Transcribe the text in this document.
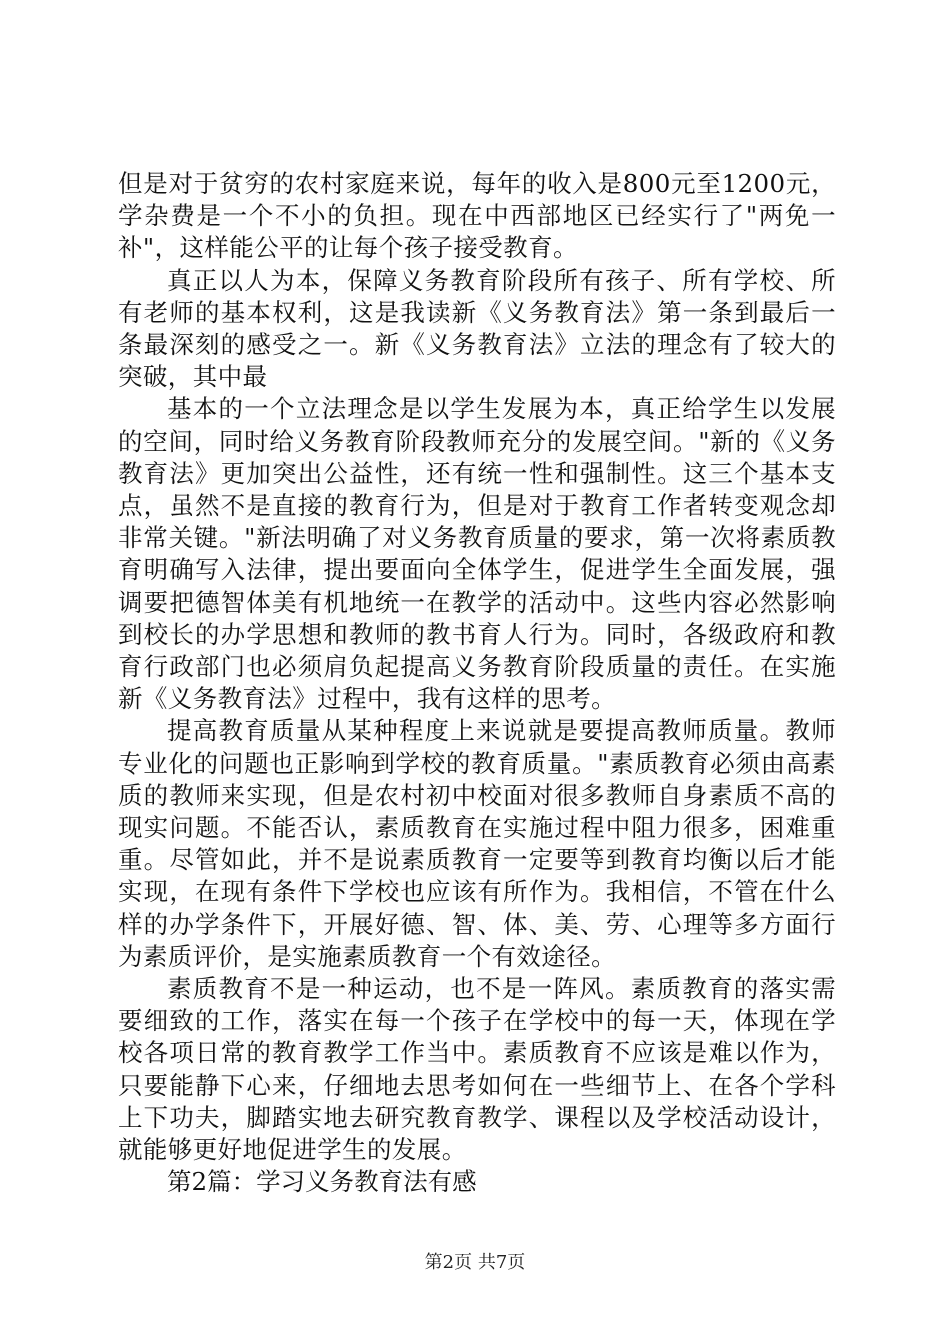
但是对于贫穷的农村家庭来说，每年的收入是800元至1200元，学杂费是一个不小的负担。现在中西部地区已经实行了"两免一补"，这样能公平的让每个孩子接受教育。

真正以人为本，保障义务教育阶段所有孩子、所有学校、所有老师的基本权利，这是我读新《义务教育法》第一条到最后一条最深刻的感受之一。新《义务教育法》立法的理念有了较大的突破，其中最

基本的一个立法理念是以学生发展为本，真正给学生以发展的空间，同时给义务教育阶段教师充分的发展空间。"新的《义务教育法》更加突出公益性，还有统一性和强制性。这三个基本支点，虽然不是直接的教育行为，但是对于教育工作者转变观念却非常关键。"新法明确了对义务教育质量的要求，第一次将素质教育明确写入法律，提出要面向全体学生，促进学生全面发展，强调要把德智体美有机地统一在教学的活动中。这些内容必然影响到校长的办学思想和教师的教书育人行为。同时，各级政府和教育行政部门也必须肩负起提高义务教育阶段质量的责任。在实施新《义务教育法》过程中，我有这样的思考。

提高教育质量从某种程度上来说就是要提高教师质量。教师专业化的问题也正影响到学校的教育质量。"素质教育必须由高素质的教师来实现，但是农村初中校面对很多教师自身素质不高的现实问题。不能否认，素质教育在实施过程中阻力很多，困难重重。尽管如此，并不是说素质教育一定要等到教育均衡以后才能实现，在现有条件下学校也应该有所作为。我相信，不管在什么样的办学条件下，开展好德、智、体、美、劳、心理等多方面行为素质评价，是实施素质教育一个有效途径。

素质教育不是一种运动，也不是一阵风。素质教育的落实需要细致的工作，落实在每一个孩子在学校中的每一天，体现在学校各项日常的教育教学工作当中。素质教育不应该是难以作为，只要能静下心来，仔细地去思考如何在一些细节上、在各个学科上下功夫，脚踏实地去研究教育教学、课程以及学校活动设计，就能够更好地促进学生的发展。

第2篇：学习义务教育法有感

第2页 共7页
